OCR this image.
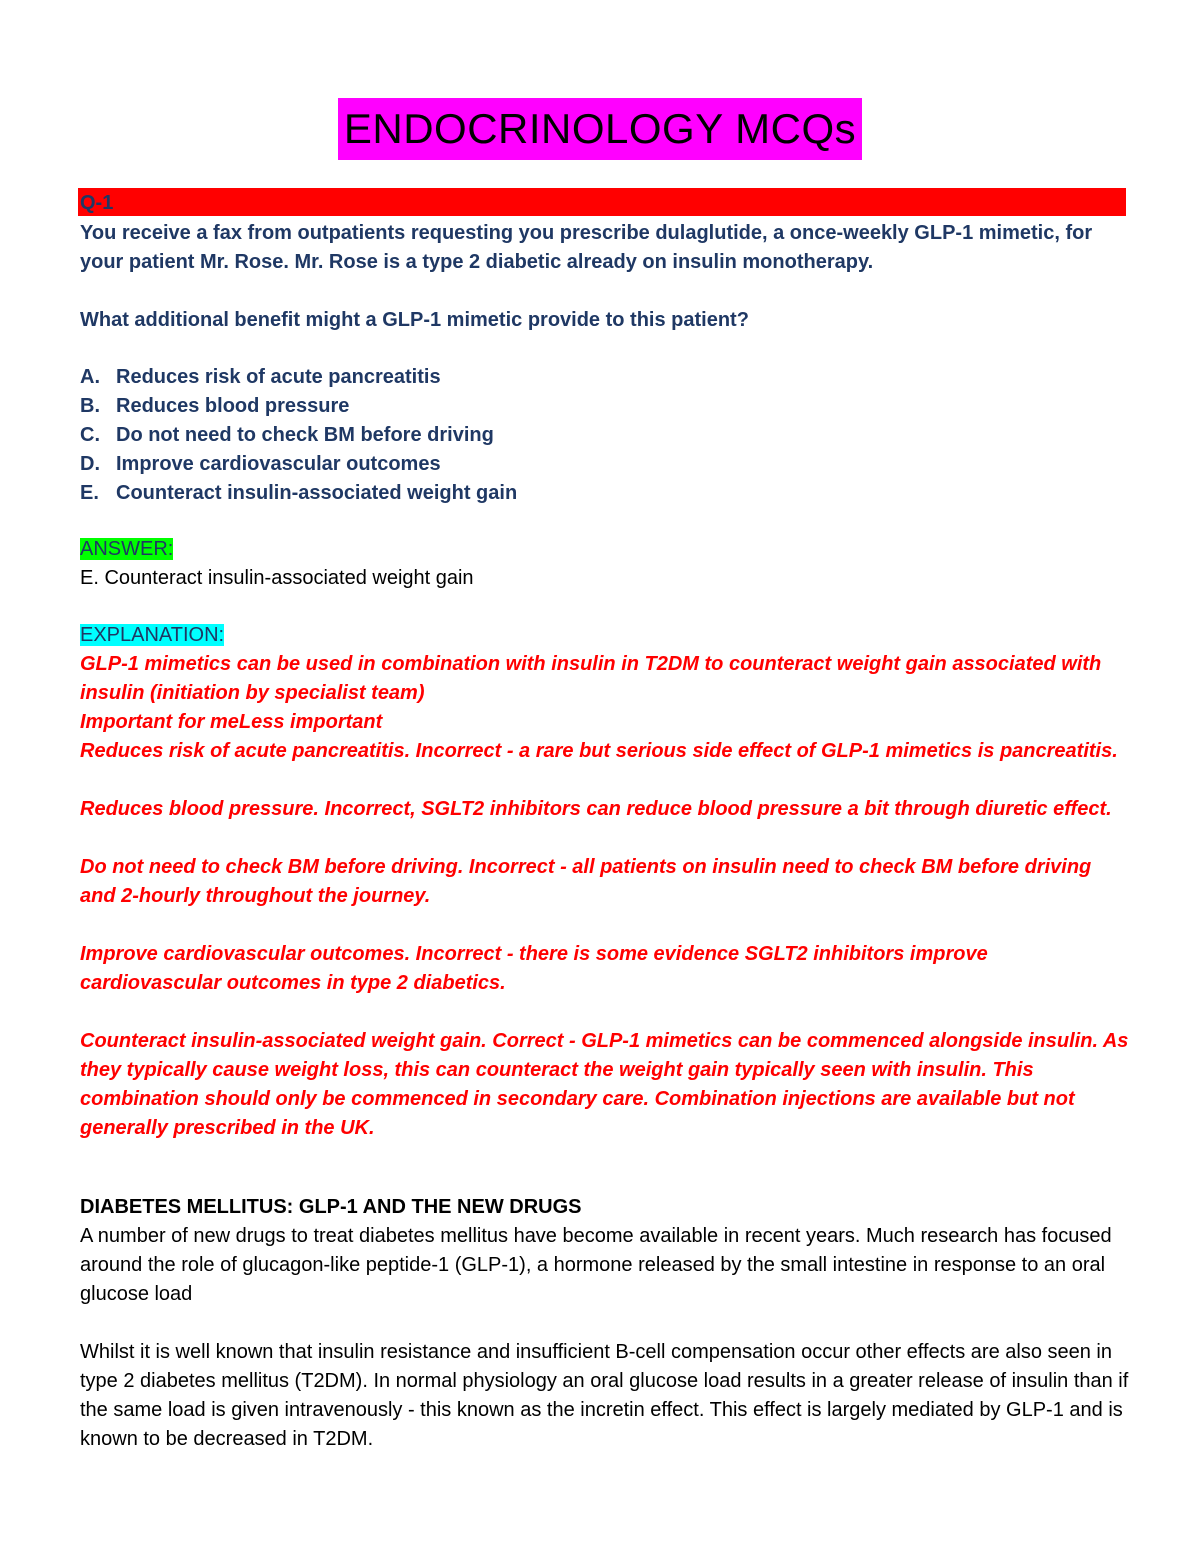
ENDOCRINOLOGY MCQs
Q-1
You receive a fax from outpatients requesting you prescribe dulaglutide, a once-weekly GLP-1 mimetic, for your patient Mr. Rose. Mr. Rose is a type 2 diabetic already on insulin monotherapy.
What additional benefit might a GLP-1 mimetic provide to this patient?
A. Reduces risk of acute pancreatitis
B. Reduces blood pressure
C. Do not need to check BM before driving
D. Improve cardiovascular outcomes
E. Counteract insulin-associated weight gain
ANSWER:
E. Counteract insulin-associated weight gain
EXPLANATION:

GLP-1 mimetics can be used in combination with insulin in T2DM to counteract weight gain associated with insulin (initiation by specialist team)

Important for meLess important

Reduces risk of acute pancreatitis. Incorrect - a rare but serious side effect of GLP-1 mimetics is pancreatitis.

Reduces blood pressure. Incorrect, SGLT2 inhibitors can reduce blood pressure a bit through diuretic effect.

Do not need to check BM before driving. Incorrect - all patients on insulin need to check BM before driving and 2-hourly throughout the journey.

Improve cardiovascular outcomes. Incorrect - there is some evidence SGLT2 inhibitors improve cardiovascular outcomes in type 2 diabetics.

Counteract insulin-associated weight gain. Correct - GLP-1 mimetics can be commenced alongside insulin. As they typically cause weight loss, this can counteract the weight gain typically seen with insulin. This combination should only be commenced in secondary care. Combination injections are available but not generally prescribed in the UK.

DIABETES MELLITUS: GLP-1 AND THE NEW DRUGS
A number of new drugs to treat diabetes mellitus have become available in recent years. Much research has focused around the role of glucagon-like peptide-1 (GLP-1), a hormone released by the small intestine in response to an oral glucose load
Whilst it is well known that insulin resistance and insufficient B-cell compensation occur other effects are also seen in type 2 diabetes mellitus (T2DM). In normal physiology an oral glucose load results in a greater release of insulin than if the same load is given intravenously - this known as the incretin effect. This effect is largely mediated by GLP-1 and is known to be decreased in T2DM.
